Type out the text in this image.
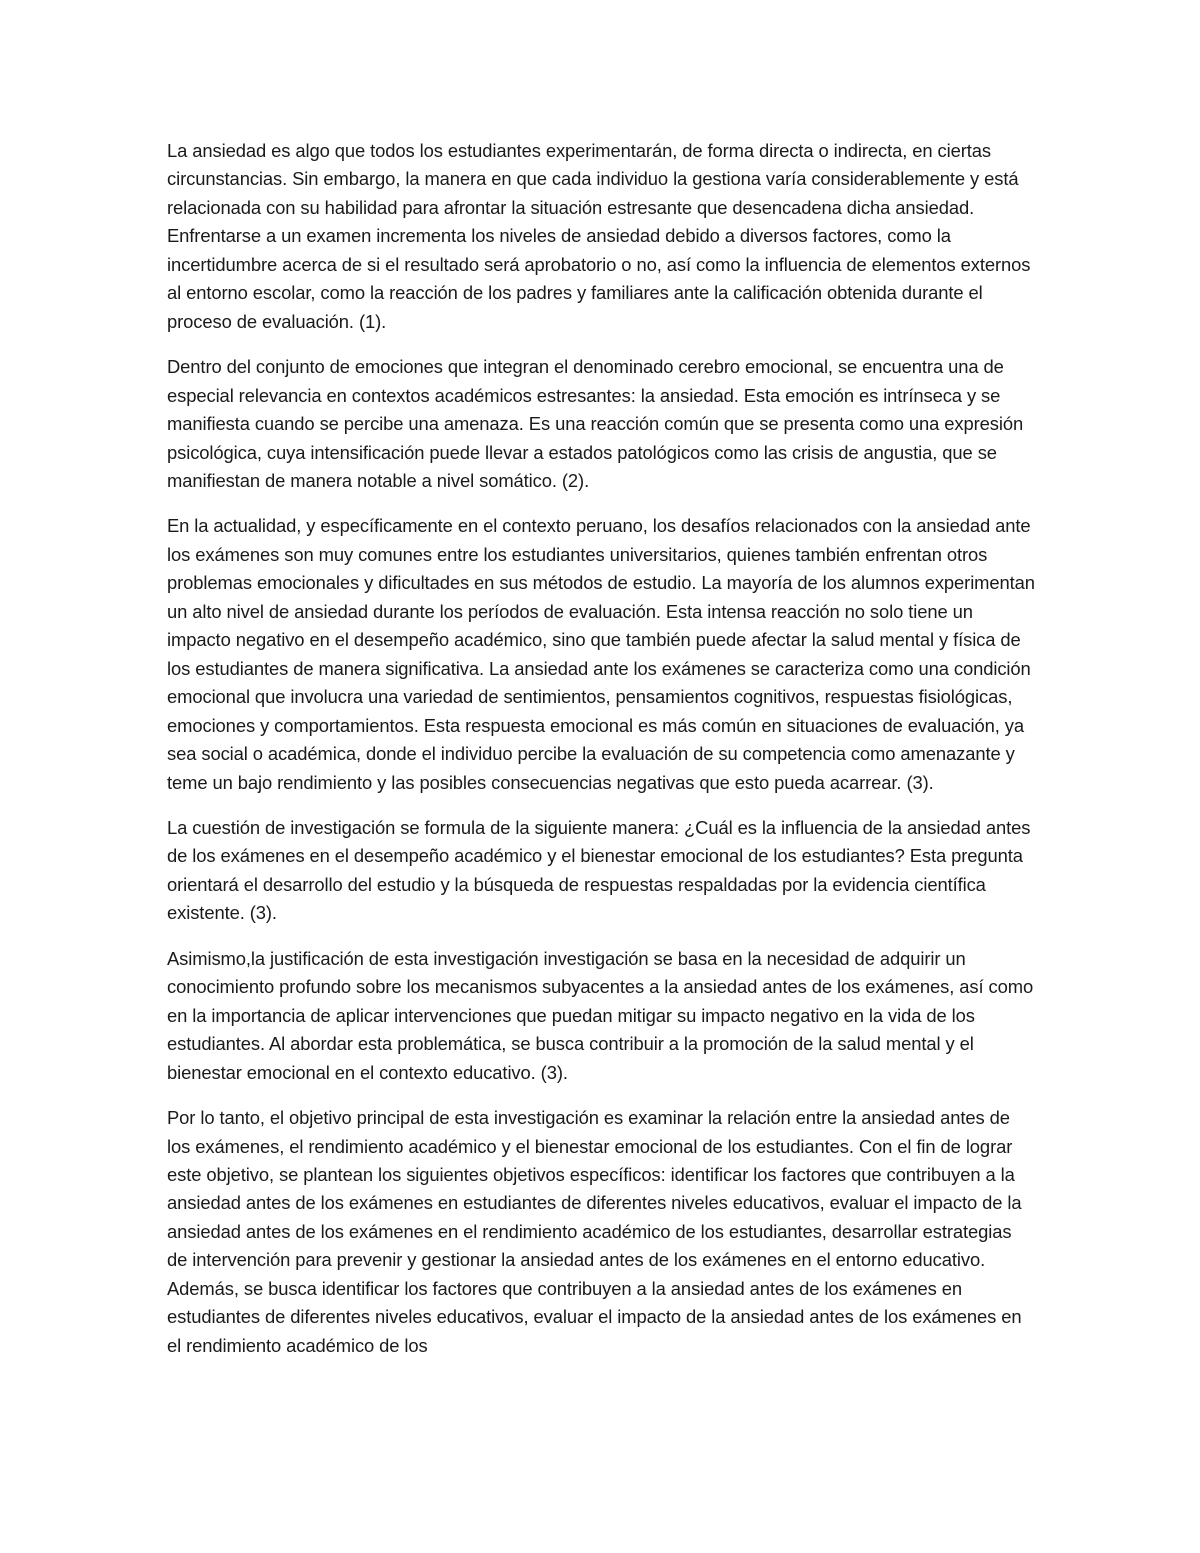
La ansiedad es algo que todos los estudiantes experimentarán, de forma directa o indirecta, en ciertas circunstancias. Sin embargo, la manera en que cada individuo la gestiona varía considerablemente y está relacionada con su habilidad para afrontar la situación estresante que desencadena dicha ansiedad. Enfrentarse a un examen incrementa los niveles de ansiedad debido a diversos factores, como la incertidumbre acerca de si el resultado será aprobatorio o no, así como la influencia de elementos externos al entorno escolar, como la reacción de los padres y familiares ante la calificación obtenida durante el proceso de evaluación. (1).

Dentro del conjunto de emociones que integran el denominado cerebro emocional, se encuentra una de especial relevancia en contextos académicos estresantes: la ansiedad. Esta emoción es intrínseca y se manifiesta cuando se percibe una amenaza. Es una reacción común que se presenta como una expresión psicológica, cuya intensificación puede llevar a estados patológicos como las crisis de angustia, que se manifiestan de manera notable a nivel somático. (2).

En la actualidad, y específicamente en el contexto peruano, los desafíos relacionados con la ansiedad ante los exámenes son muy comunes entre los estudiantes universitarios, quienes también enfrentan otros problemas emocionales y dificultades en sus métodos de estudio. La mayoría de los alumnos experimentan un alto nivel de ansiedad durante los períodos de evaluación. Esta intensa reacción no solo tiene un impacto negativo en el desempeño académico, sino que también puede afectar la salud mental y física de los estudiantes de manera significativa. La ansiedad ante los exámenes se caracteriza como una condición emocional que involucra una variedad de sentimientos, pensamientos cognitivos, respuestas fisiológicas, emociones y comportamientos. Esta respuesta emocional es más común en situaciones de evaluación, ya sea social o académica, donde el individuo percibe la evaluación de su competencia como amenazante y teme un bajo rendimiento y las posibles consecuencias negativas que esto pueda acarrear. (3).

La cuestión de investigación se formula de la siguiente manera: ¿Cuál es la influencia de la ansiedad antes de los exámenes en el desempeño académico y el bienestar emocional de los estudiantes? Esta pregunta orientará el desarrollo del estudio y la búsqueda de respuestas respaldadas por la evidencia científica existente. (3).

Asimismo,la justificación de esta investigación investigación se basa en la necesidad de adquirir un conocimiento profundo sobre los mecanismos subyacentes a la ansiedad antes de los exámenes, así como en la importancia de aplicar intervenciones que puedan mitigar su impacto negativo en la vida de los estudiantes. Al abordar esta problemática, se busca contribuir a la promoción de la salud mental y el bienestar emocional en el contexto educativo. (3).

Por lo tanto, el objetivo principal de esta investigación es examinar la relación entre la ansiedad antes de los exámenes, el rendimiento académico y el bienestar emocional de los estudiantes. Con el fin de lograr este objetivo, se plantean los siguientes objetivos específicos: identificar los factores que contribuyen a la ansiedad antes de los exámenes en estudiantes de diferentes niveles educativos, evaluar el impacto de la ansiedad antes de los exámenes en el rendimiento académico de los estudiantes, desarrollar estrategias de intervención para prevenir y gestionar la ansiedad antes de los exámenes en el entorno educativo. Además, se busca identificar los factores que contribuyen a la ansiedad antes de los exámenes en estudiantes de diferentes niveles educativos, evaluar el impacto de la ansiedad antes de los exámenes en el rendimiento académico de los
